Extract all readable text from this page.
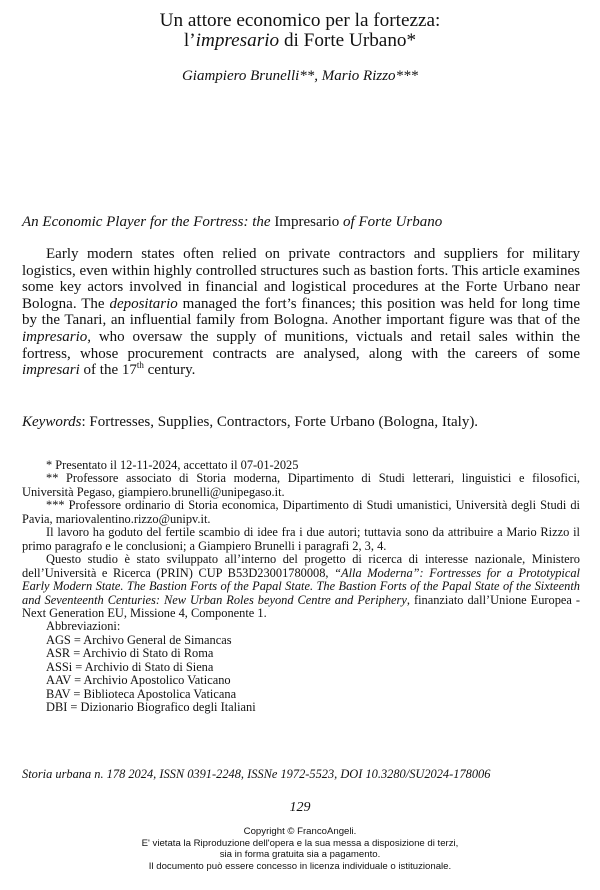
Un attore economico per la fortezza:
l’impresario di Forte Urbano*
Giampiero Brunelli**, Mario Rizzo***
An Economic Player for the Fortress: the Impresario of Forte Urbano

Early modern states often relied on private contractors and suppliers for military logistics, even within highly controlled structures such as bastion forts. This article examines some key actors involved in financial and logistical procedures at the Forte Urbano near Bologna. The depositario managed the fort’s finances; this position was held for long time by the Tanari, an influential family from Bologna. Another important figure was that of the impresario, who oversaw the supply of munitions, victuals and retail sales within the fortress, whose procurement contracts are analysed, along with the careers of some impresari of the 17th century.

Keywords: Fortresses, Supplies, Contractors, Forte Urbano (Bologna, Italy).

* Presentato il 12-11-2024, accettato il 07-01-2025

** Professore associato di Storia moderna, Dipartimento di Studi letterari, linguistici e filosofici, Università Pegaso, giampiero.brunelli@unipegaso.it.

*** Professore ordinario di Storia economica, Dipartimento di Studi umanistici, Università degli Studi di Pavia, mariovalentino.rizzo@unipv.it.

Il lavoro ha goduto del fertile scambio di idee fra i due autori; tuttavia sono da attribuire a Mario Rizzo il primo paragrafo e le conclusioni; a Giampiero Brunelli i paragrafi 2, 3, 4.

Questo studio è stato sviluppato all’interno del progetto di ricerca di interesse nazionale, Ministero dell’Università e Ricerca (PRIN) CUP B53D23001780008, “Alla Moderna”: Fortresses for a Prototypical Early Modern State. The Bastion Forts of the Papal State. The Bastion Forts of the Papal State of the Sixteenth and Seventeenth Centuries: New Urban Roles beyond Centre and Periphery, finanziato dall’Unione Europea - Next Generation EU, Missione 4, Componente 1.

Abbreviazioni:

AGS = Archivo General de Simancas
ASR = Archivio di Stato di Roma
ASSi = Archivio di Stato di Siena
AAV = Archivio Apostolico Vaticano
BAV = Biblioteca Apostolica Vaticana
DBI = Dizionario Biografico degli Italiani
Storia urbana n. 178 2024, ISSN 0391-2248, ISSNe 1972-5523, DOI 10.3280/SU2024-178006
129
Copyright © FrancoAngeli.
E' vietata la Riproduzione dell'opera e la sua messa a disposizione di terzi,
sia in forma gratuita sia a pagamento.
Il documento può essere concesso in licenza individuale o istituzionale.
